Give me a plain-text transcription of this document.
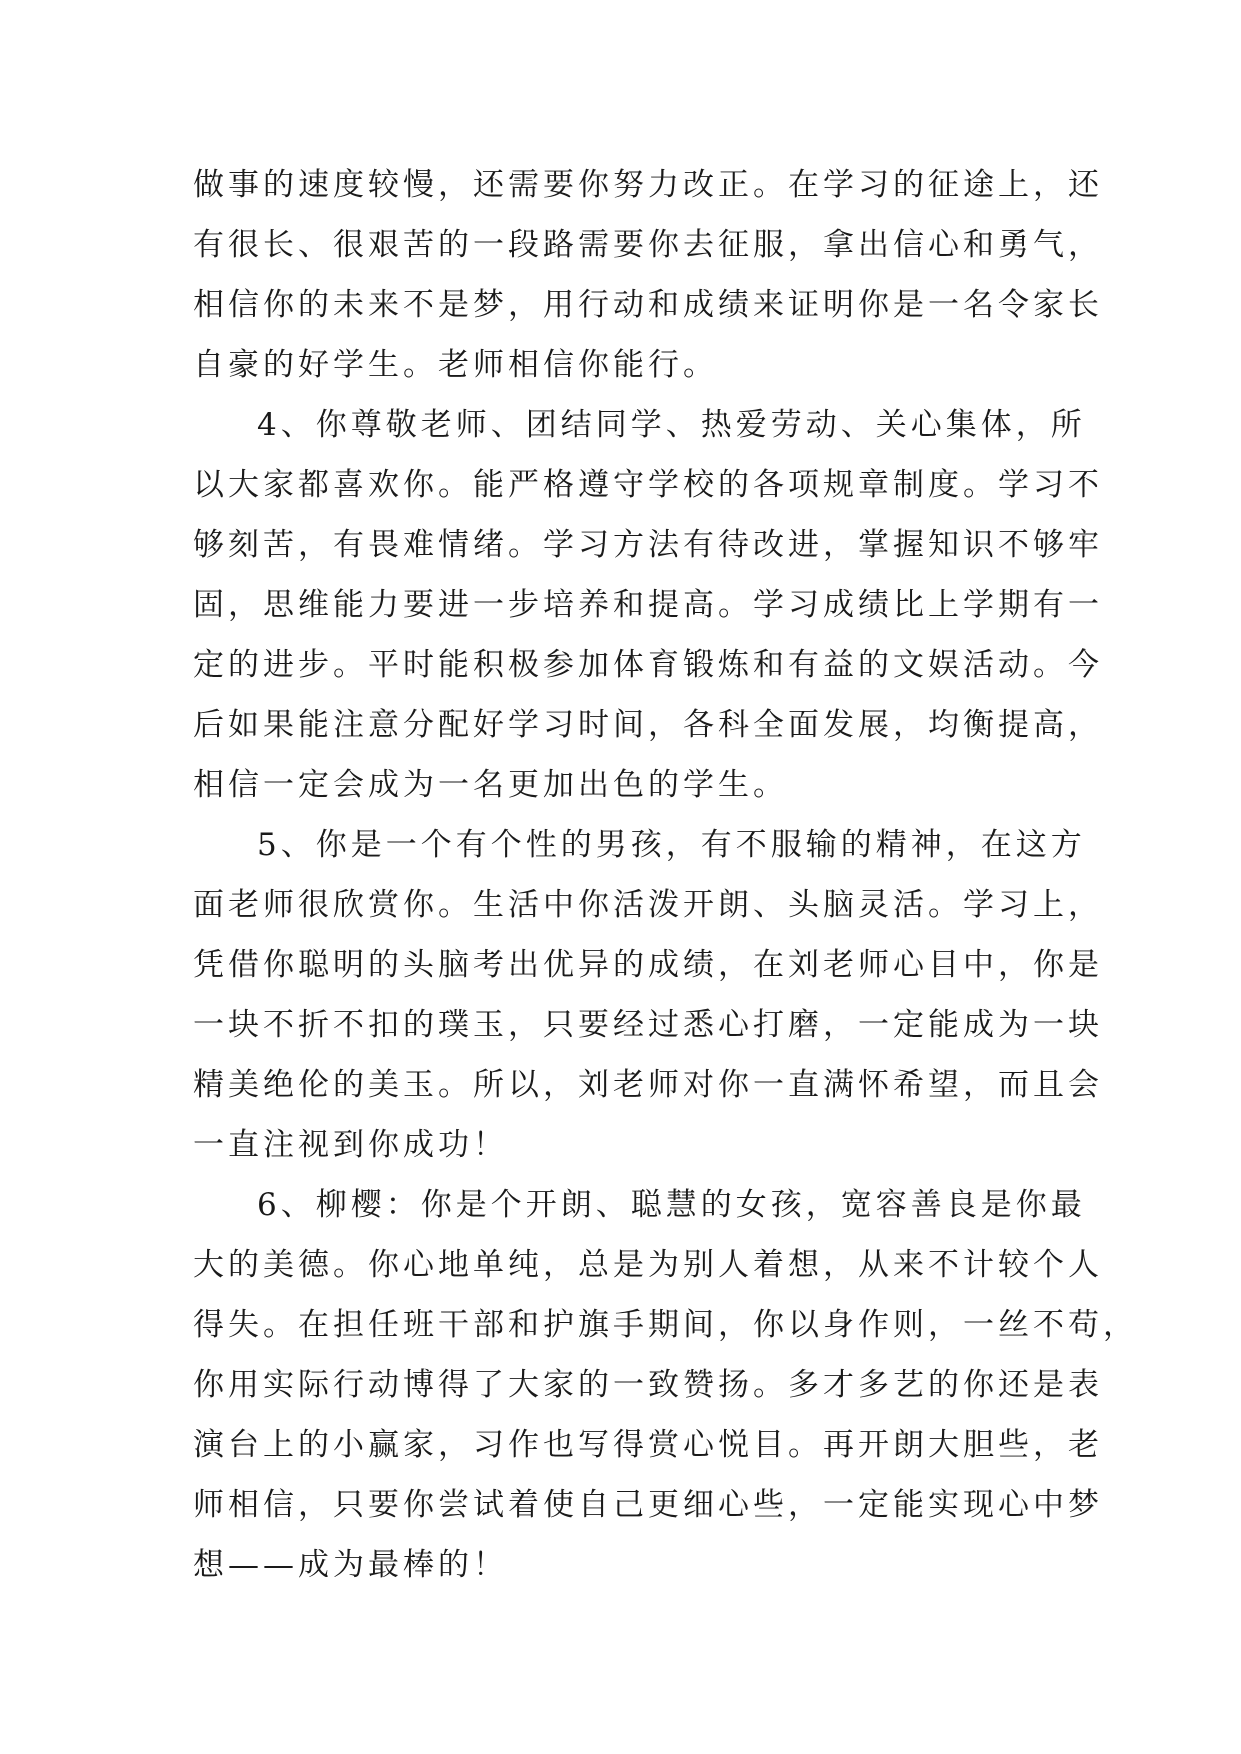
做事的速度较慢，还需要你努力改正。在学习的征途上，还
有很长、很艰苦的一段路需要你去征服，拿出信心和勇气，
相信你的未来不是梦，用行动和成绩来证明你是一名令家长
自豪的好学生。老师相信你能行。
4、你尊敬老师、团结同学、热爱劳动、关心集体，所
以大家都喜欢你。能严格遵守学校的各项规章制度。学习不
够刻苦，有畏难情绪。学习方法有待改进，掌握知识不够牢
固，思维能力要进一步培养和提高。学习成绩比上学期有一
定的进步。平时能积极参加体育锻炼和有益的文娱活动。今
后如果能注意分配好学习时间，各科全面发展，均衡提高，
相信一定会成为一名更加出色的学生。
5、你是一个有个性的男孩，有不服输的精神，在这方
面老师很欣赏你。生活中你活泼开朗、头脑灵活。学习上，
凭借你聪明的头脑考出优异的成绩，在刘老师心目中，你是
一块不折不扣的璞玉，只要经过悉心打磨，一定能成为一块
精美绝伦的美玉。所以，刘老师对你一直满怀希望，而且会
一直注视到你成功！
6、柳樱：你是个开朗、聪慧的女孩，宽容善良是你最
大的美德。你心地单纯，总是为别人着想，从来不计较个人
得失。在担任班干部和护旗手期间，你以身作则，一丝不苟，
你用实际行动博得了大家的一致赞扬。多才多艺的你还是表
演台上的小赢家，习作也写得赏心悦目。再开朗大胆些，老
师相信，只要你尝试着使自己更细心些，一定能实现心中梦
想——成为最棒的！
